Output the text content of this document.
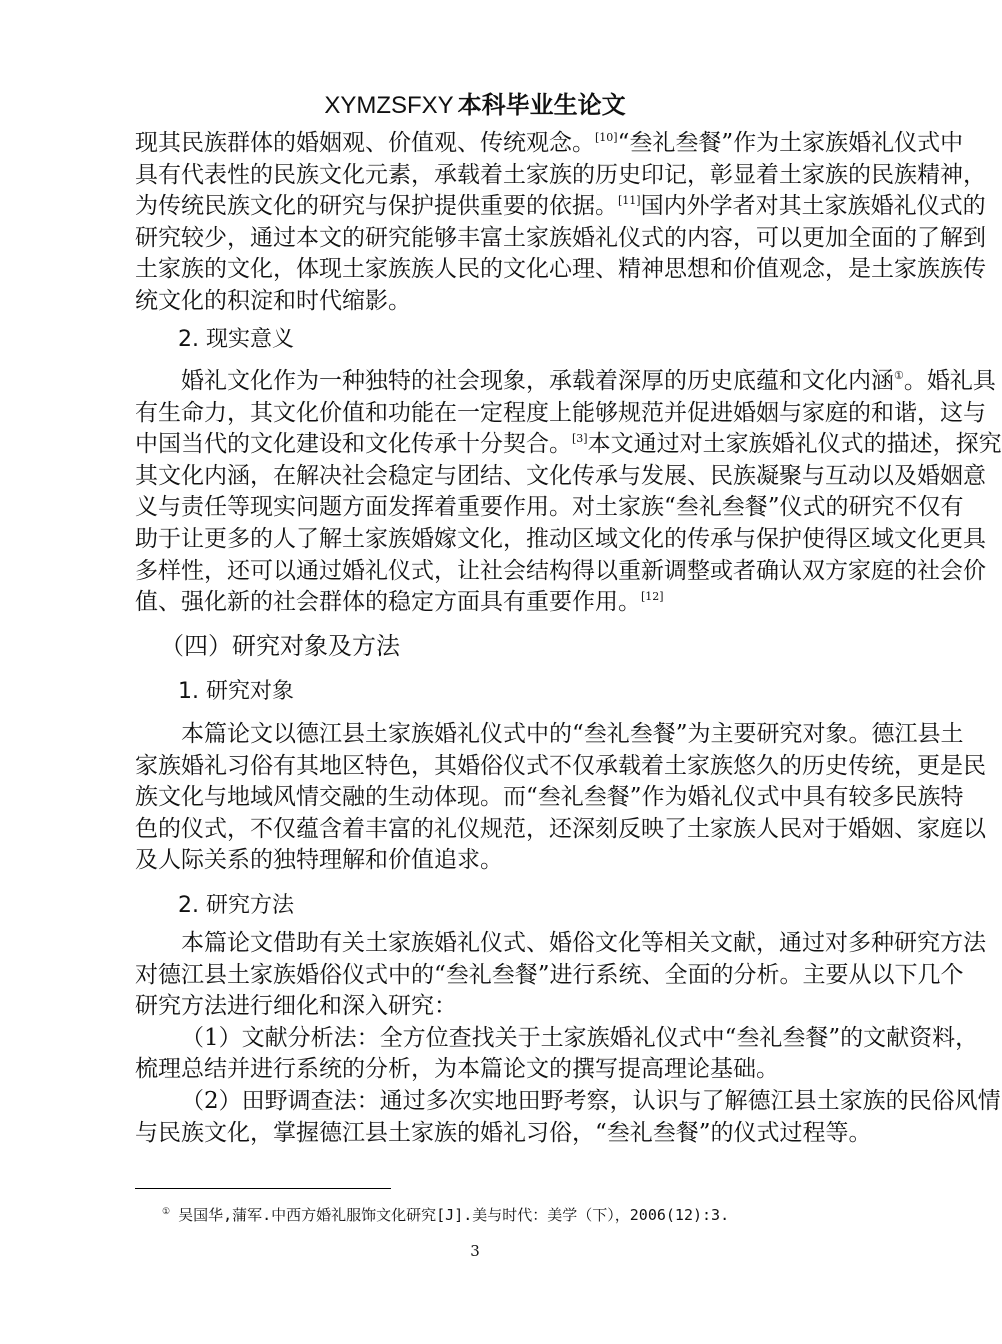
XYMZSFXY 本科毕业生论文
现其民族群体的婚姻观、价值观、传统观念。[10]“叁礼叁餐”作为土家族婚礼仪式中
具有代表性的民族文化元素，承载着土家族的历史印记，彰显着土家族的民族精神，
为传统民族文化的研究与保护提供重要的依据。[11]国内外学者对其土家族婚礼仪式的
研究较少，通过本文的研究能够丰富土家族婚礼仪式的内容，可以更加全面的了解到
土家族的文化，体现土家族族人民的文化心理、精神思想和价值观念，是土家族族传
统文化的积淀和时代缩影。
2. 现实意义
婚礼文化作为一种独特的社会现象，承载着深厚的历史底蕴和文化内涵①。婚礼具
有生命力，其文化价值和功能在一定程度上能够规范并促进婚姻与家庭的和谐，这与
中国当代的文化建设和文化传承十分契合。[3]本文通过对土家族婚礼仪式的描述，探究
其文化内涵，在解决社会稳定与团结、文化传承与发展、民族凝聚与互动以及婚姻意
义与责任等现实问题方面发挥着重要作用。对土家族“叁礼叁餐”仪式的研究不仅有
助于让更多的人了解土家族婚嫁文化，推动区域文化的传承与保护使得区域文化更具
多样性，还可以通过婚礼仪式，让社会结构得以重新调整或者确认双方家庭的社会价
值、强化新的社会群体的稳定方面具有重要作用。[12]
（四）研究对象及方法
1. 研究对象
本篇论文以德江县土家族婚礼仪式中的“叁礼叁餐”为主要研究对象。德江县土
家族婚礼习俗有其地区特色，其婚俗仪式不仅承载着土家族悠久的历史传统，更是民
族文化与地域风情交融的生动体现。而“叁礼叁餐”作为婚礼仪式中具有较多民族特
色的仪式，不仅蕴含着丰富的礼仪规范，还深刻反映了土家族人民对于婚姻、家庭以
及人际关系的独特理解和价值追求。
2. 研究方法
本篇论文借助有关土家族婚礼仪式、婚俗文化等相关文献，通过对多种研究方法
对德江县土家族婚俗仪式中的“叁礼叁餐”进行系统、全面的分析。主要从以下几个
研究方法进行细化和深入研究：
（1）文献分析法：全方位查找关于土家族婚礼仪式中“叁礼叁餐”的文献资料，
梳理总结并进行系统的分析，为本篇论文的撰写提高理论基础。
（2）田野调查法：通过多次实地田野考察，认识与了解德江县土家族的民俗风情
与民族文化，掌握德江县土家族的婚礼习俗，“叁礼叁餐”的仪式过程等。
① 吴国华,蒲军.中西方婚礼服饰文化研究[J].美与时代：美学（下），2006(12):3.
3
